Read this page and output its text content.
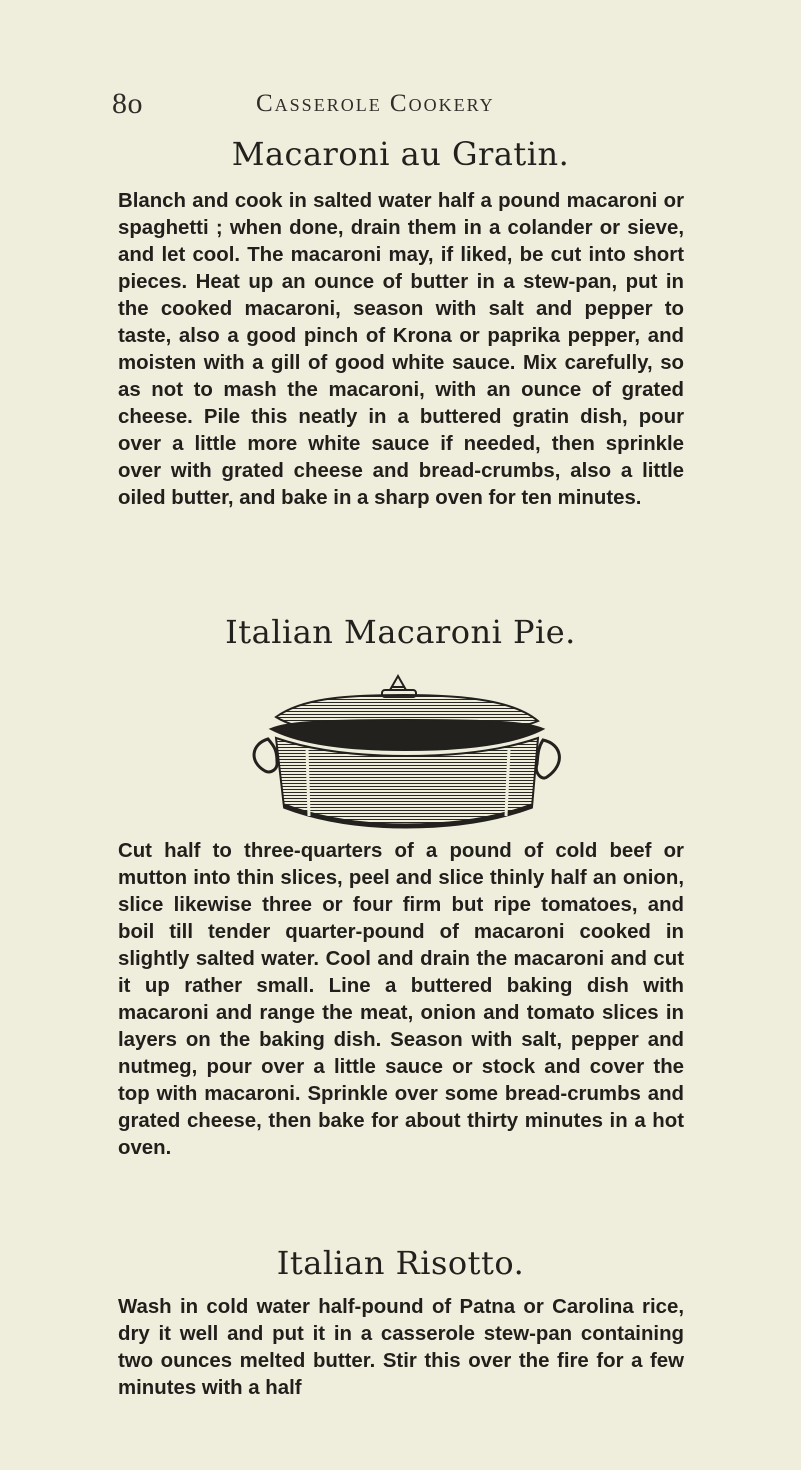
8o	Casserole Cookery
Macaroni au Gratin.

Blanch and cook in salted water half a pound macaroni or spaghetti ; when done, drain them in a colander or sieve, and let cool. The macaroni may, if liked, be cut into short pieces. Heat up an ounce of butter in a stew-pan, put in the cooked macaroni, season with salt and pepper to taste, also a good pinch of Krona or paprika pepper, and moisten with a gill of good white sauce. Mix carefully, so as not to mash the macaroni, with an ounce of grated cheese. Pile this neatly in a buttered gratin dish, pour over a little more white sauce if needed, then sprinkle over with grated cheese and bread-crumbs, also a little oiled butter, and bake in a sharp oven for ten minutes.

Italian Macaroni Pie.

Cut half to three-quarters of a pound of cold beef or mutton into thin slices, peel and slice thinly half an onion, slice likewise three or four firm but ripe tomatoes, and boil till tender quarter-pound of macaroni cooked in slightly salted water. Cool and drain the macaroni and cut it up rather small. Line a buttered baking dish with macaroni and range the meat, onion and tomato slices in layers on the baking dish. Season with salt, pepper and nutmeg, pour over a little sauce or stock and cover the top with macaroni. Sprinkle over some bread-crumbs and grated cheese, then bake for about thirty minutes in a hot oven.

Italian Risotto.

Wash in cold water half-pound of Patna or Carolina rice, dry it well and put it in a casserole stew-pan containing two ounces melted butter. Stir this over the fire for a few minutes with a half
